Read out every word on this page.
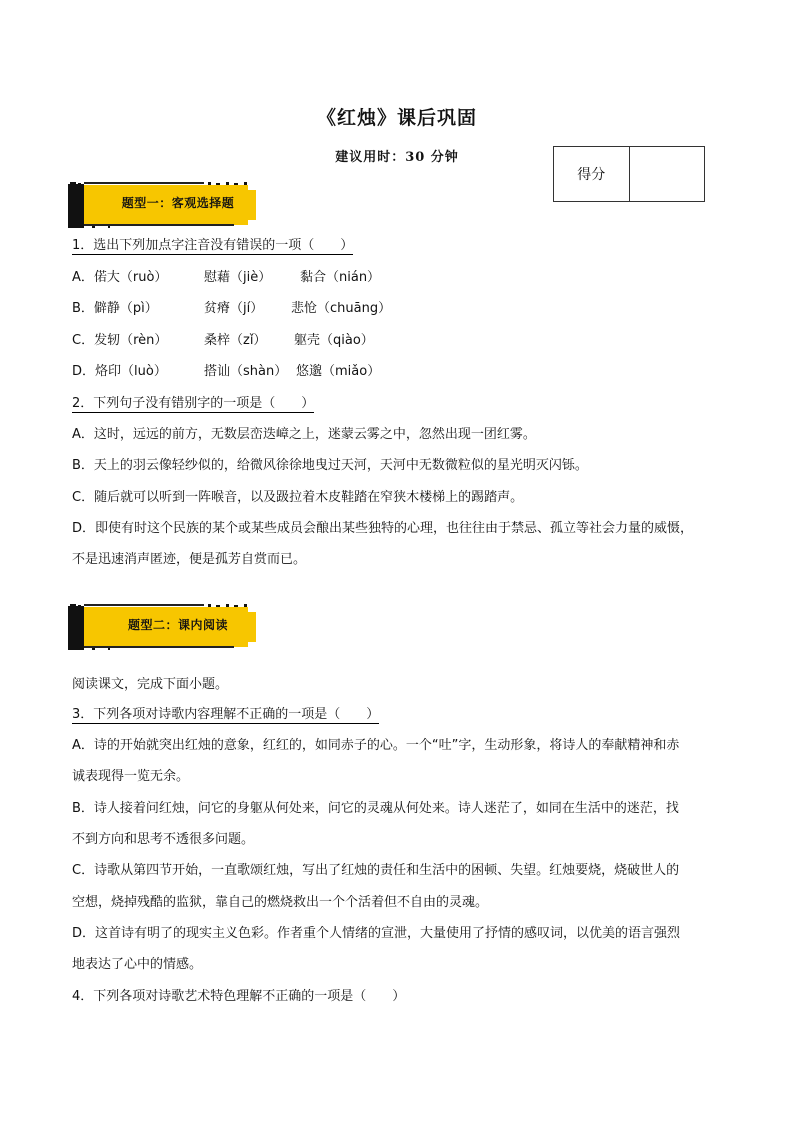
《红烛》课后巩固
建议用时：30 分钟
得分
题型一：客观选择题
1．选出下列加点字注音没有错误的一项（　　）
A．偌大（ruò）	慰藉（jiè） 黏合（nián）
B．僻静（pì）	贫瘠（jí） 悲怆（chuāng）
C．发轫（rèn）	桑梓（zǐ） 躯壳（qiào）
D．烙印（luò）	搭讪（shàn） 悠邈（miǎo）
2．下列句子没有错别字的一项是（　　）
A．这时，远远的前方，无数层峦迭嶂之上，迷蒙云雾之中，忽然出现一团红雾。
B．天上的羽云像轻纱似的，给微风徐徐地曳过天河，天河中无数微粒似的星光明灭闪铄。
C．随后就可以听到一阵喉音，以及趿拉着木皮鞋踏在窄狭木楼梯上的踢踏声。
D．即使有时这个民族的某个或某些成员会酿出某些独特的心理，也往往由于禁忌、孤立等社会力量的威慑，
不是迅速消声匿迹，便是孤芳自赏而已。
题型二：课内阅读
阅读课文，完成下面小题。
3．下列各项对诗歌内容理解不正确的一项是（　　）
A．诗的开始就突出红烛的意象，红红的，如同赤子的心。一个“吐”字，生动形象，将诗人的奉献精神和赤
诚表现得一览无余。
B．诗人接着问红烛，问它的身躯从何处来，问它的灵魂从何处来。诗人迷茫了，如同在生活中的迷茫，找
不到方向和思考不透很多问题。
C．诗歌从第四节开始，一直歌颂红烛，写出了红烛的责任和生活中的困顿、失望。红烛要烧，烧破世人的
空想，烧掉残酷的监狱，靠自己的燃烧救出一个个活着但不自由的灵魂。
D．这首诗有明了的现实主义色彩。作者重个人情绪的宣泄，大量使用了抒情的感叹词，以优美的语言强烈
地表达了心中的情感。
4．下列各项对诗歌艺术特色理解不正确的一项是（　　）
